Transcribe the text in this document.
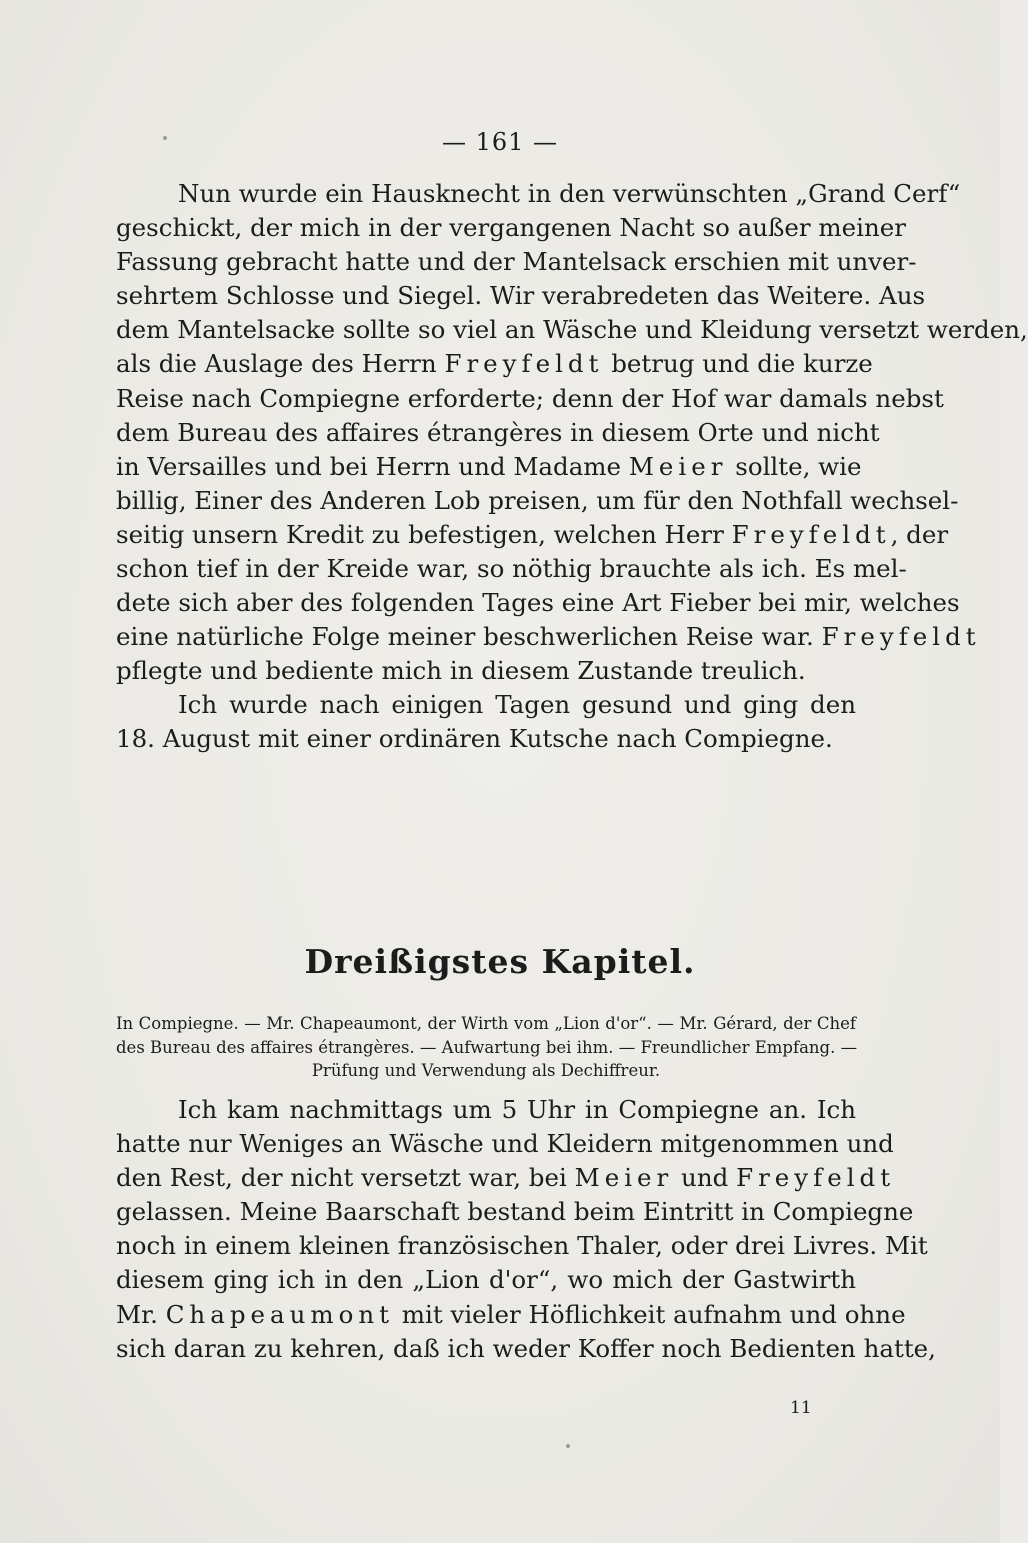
— 161 —
Nun wurde ein Hausknecht in den verwünschten „Grand Cerf“
geschickt, der mich in der vergangenen Nacht so außer meiner
Fassung gebracht hatte und der Mantelsack erschien mit unver-
sehrtem Schlosse und Siegel. Wir verabredeten das Weitere. Aus
dem Mantelsacke sollte so viel an Wäsche und Kleidung versetzt werden,
als die Auslage des Herrn Freyfeldt betrug und die kurze
Reise nach Compiegne erforderte; denn der Hof war damals nebst
dem Bureau des affaires étrangères in diesem Orte und nicht
in Versailles und bei Herrn und Madame Meier sollte, wie
billig, Einer des Anderen Lob preisen, um für den Nothfall wechsel-
seitig unsern Kredit zu befestigen, welchen Herr Freyfeldt, der
schon tief in der Kreide war, so nöthig brauchte als ich. Es mel-
dete sich aber des folgenden Tages eine Art Fieber bei mir, welches
eine natürliche Folge meiner beschwerlichen Reise war. Freyfeldt
pflegte und bediente mich in diesem Zustande treulich.
Ich wurde nach einigen Tagen gesund und ging den
18. August mit einer ordinären Kutsche nach Compiegne.
Dreißigstes Kapitel.
In Compiegne. — Mr. Chapeaumont, der Wirth vom „Lion d'or“. — Mr. Gérard, der Chef
des Bureau des affaires étrangères. — Aufwartung bei ihm. — Freundlicher Empfang. —
Prüfung und Verwendung als Dechiffreur.
Ich kam nachmittags um 5 Uhr in Compiegne an. Ich
hatte nur Weniges an Wäsche und Kleidern mitgenommen und
den Rest, der nicht versetzt war, bei Meier und Freyfeldt
gelassen. Meine Baarschaft bestand beim Eintritt in Compiegne
noch in einem kleinen französischen Thaler, oder drei Livres. Mit
diesem ging ich in den „Lion d'or“, wo mich der Gastwirth
Mr. Chapeaumont mit vieler Höflichkeit aufnahm und ohne
sich daran zu kehren, daß ich weder Koffer noch Bedienten hatte,
11
